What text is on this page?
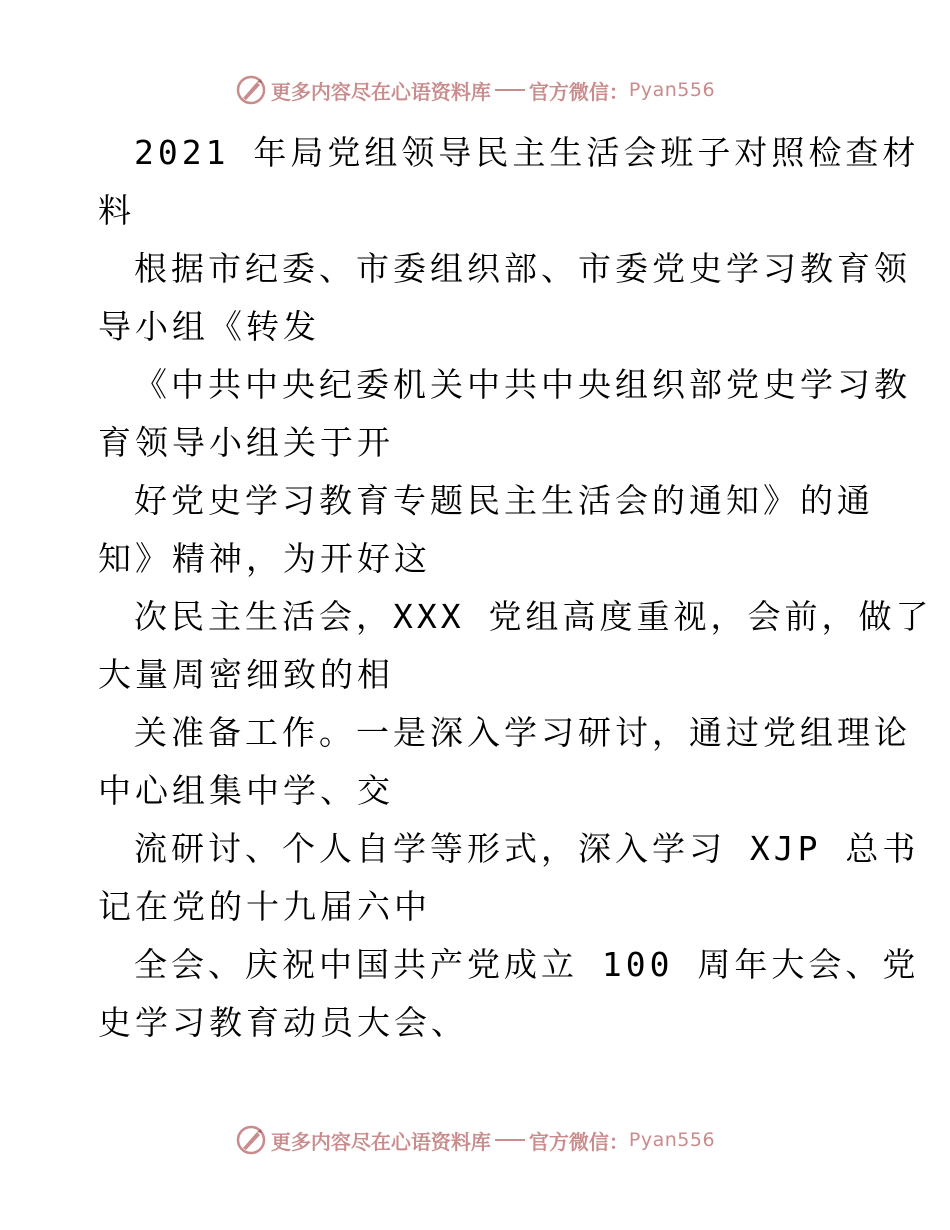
更多内容尽在心语资料库 官方微信： Pyan556
2021 年局党组领导民主生活会班子对照检查材
料
根据市纪委、市委组织部、市委党史学习教育领
导小组《转发
《中共中央纪委机关中共中央组织部党史学习教
育领导小组关于开
好党史学习教育专题民主生活会的通知》的通
知》精神，为开好这
次民主生活会，XXX 党组高度重视，会前，做了
大量周密细致的相
关准备工作。一是深入学习研讨，通过党组理论
中心组集中学、交
流研讨、个人自学等形式，深入学习 XJP 总书
记在党的十九届六中
全会、庆祝中国共产党成立 100 周年大会、党
史学习教育动员大会、
更多内容尽在心语资料库 官方微信： Pyan556
